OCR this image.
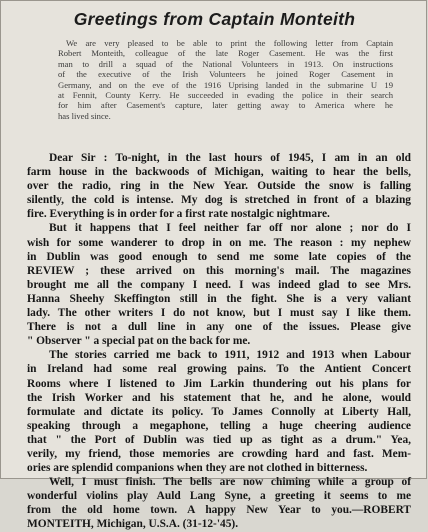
Greetings from Captain Monteith
We are very pleased to be able to print the following letter from Captain
Robert Monteith, colleague of the late Roger Casement. He was the first
man to drill a squad of the National Volunteers in 1913. On instructions
of the executive of the Irish Volunteers he joined Roger Casement in
Germany, and on the eve of the 1916 Uprising landed in the submarine U 19
at Fennit, County Kerry. He succeeded in evading the police in their search
for him after Casement's capture, later getting away to America where he
has lived since.
Dear Sir : To-night, in the last hours of 1945, I am in an old
farm house in the backwoods of Michigan, waiting to hear the bells,
over the radio, ring in the New Year. Outside the snow is falling
silently, the cold is intense. My dog is stretched in front of a blazing
fire. Everything is in order for a first rate nostalgic nightmare.
But it happens that I feel neither far off nor alone ; nor do I
wish for some wanderer to drop in on me. The reason : my nephew
in Dublin was good enough to send me some late copies of the
REVIEW ; these arrived on this morning's mail. The magazines
brought me all the company I need. I was indeed glad to see Mrs.
Hanna Sheehy Skeffington still in the fight. She is a very valiant
lady. The other writers I do not know, but I must say I like them.
There is not a dull line in any one of the issues. Please give
" Observer " a special pat on the back for me.
The stories carried me back to 1911, 1912 and 1913 when Labour
in Ireland had some real growing pains. To the Antient Concert
Rooms where I listened to Jim Larkin thundering out his plans for
the Irish Worker and his statement that he, and he alone, would
formulate and dictate its policy. To James Connolly at Liberty Hall,
speaking through a megaphone, telling a huge cheering audience
that " the Port of Dublin was tied up as tight as a drum." Yea,
verily, my friend, those memories are crowding hard and fast. Mem-
ories are splendid companions when they are not clothed in bitterness.
Well, I must finish. The bells are now chiming while a group of
wonderful violins play Auld Lang Syne, a greeting it seems to me
from the old home town. A happy New Year to you.—ROBERT
MONTEITH, Michigan, U.S.A. (31-12-'45).
